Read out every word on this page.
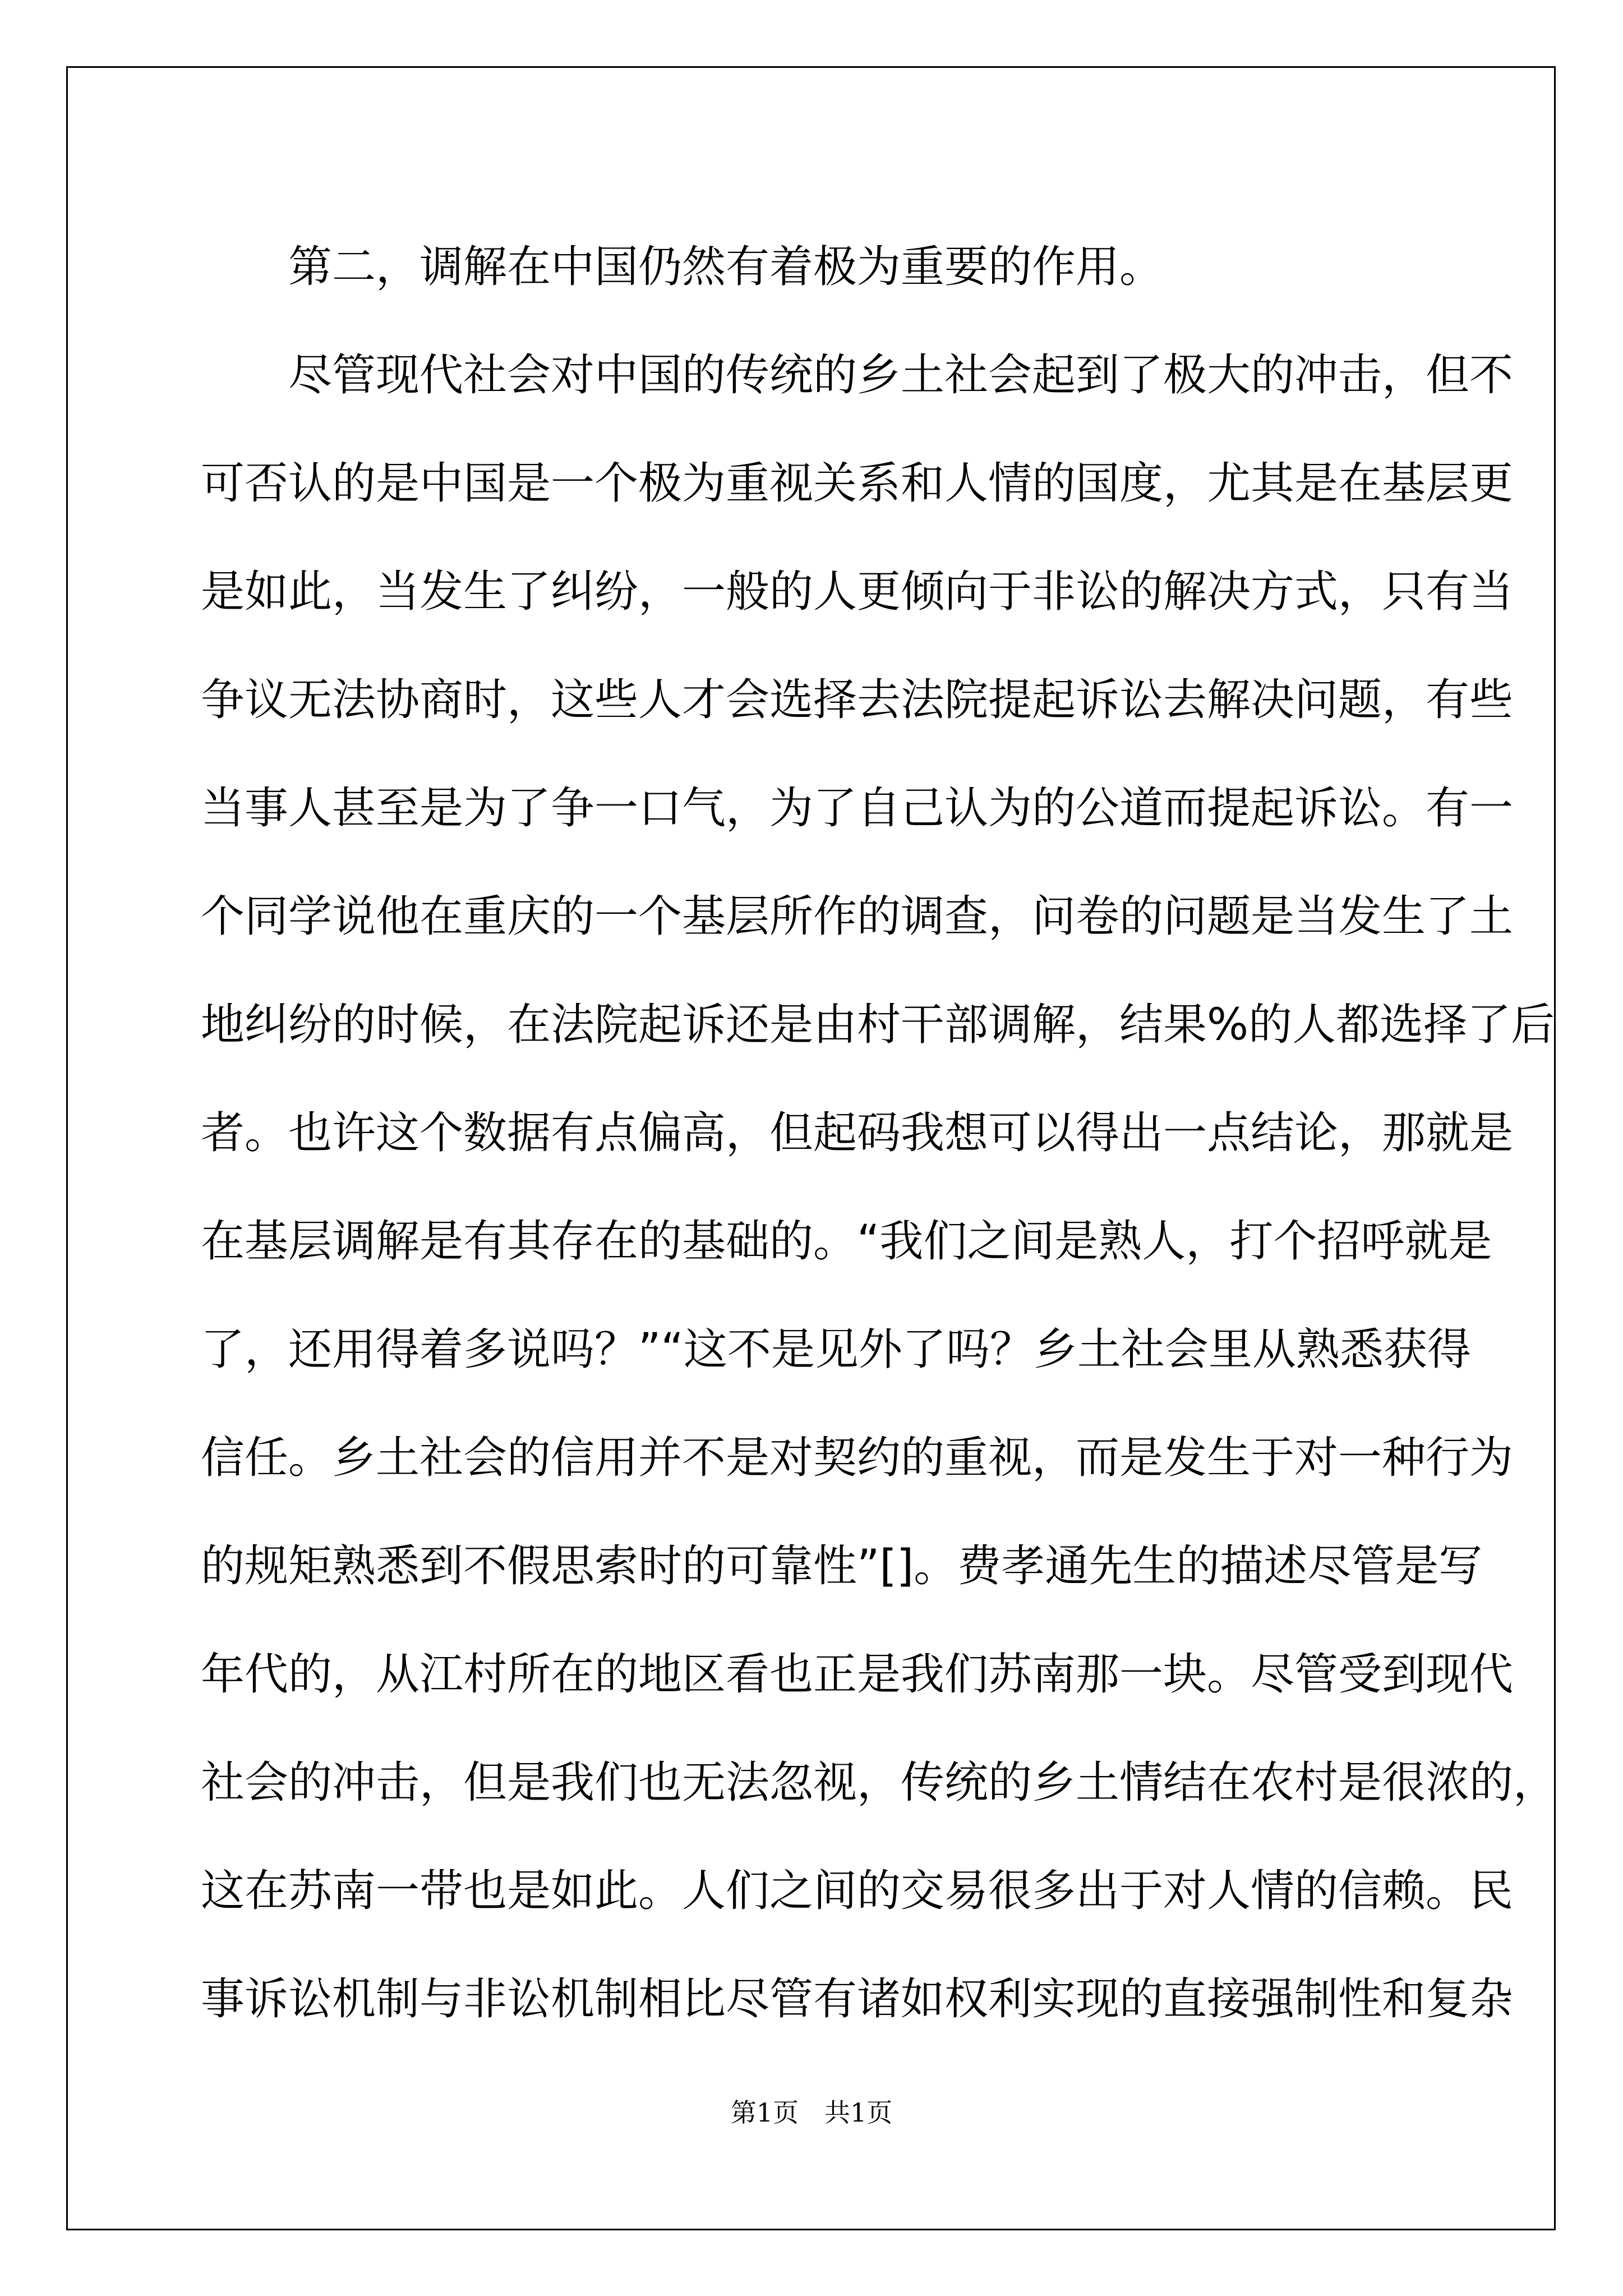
第二，调解在中国仍然有着极为重要的作用。
尽管现代社会对中国的传统的乡土社会起到了极大的冲击，但不
可否认的是中国是一个极为重视关系和人情的国度，尤其是在基层更
是如此，当发生了纠纷，一般的人更倾向于非讼的解决方式，只有当
争议无法协商时，这些人才会选择去法院提起诉讼去解决问题，有些
当事人甚至是为了争一口气，为了自己认为的公道而提起诉讼。有一
个同学说他在重庆的一个基层所作的调查，问卷的问题是当发生了土
地纠纷的时候，在法院起诉还是由村干部调解，结果%的人都选择了后
者。也许这个数据有点偏高，但起码我想可以得出一点结论，那就是
在基层调解是有其存在的基础的。“我们之间是熟人，打个招呼就是
了，还用得着多说吗？”“这不是见外了吗？乡土社会里从熟悉获得
信任。乡土社会的信用并不是对契约的重视，而是发生于对一种行为
的规矩熟悉到不假思索时的可靠性”[]。费孝通先生的描述尽管是写
年代的，从江村所在的地区看也正是我们苏南那一块。尽管受到现代
社会的冲击，但是我们也无法忽视，传统的乡土情结在农村是很浓的，
这在苏南一带也是如此。人们之间的交易很多出于对人情的信赖。民
事诉讼机制与非讼机制相比尽管有诸如权利实现的直接强制性和复杂
第1页 共1页
